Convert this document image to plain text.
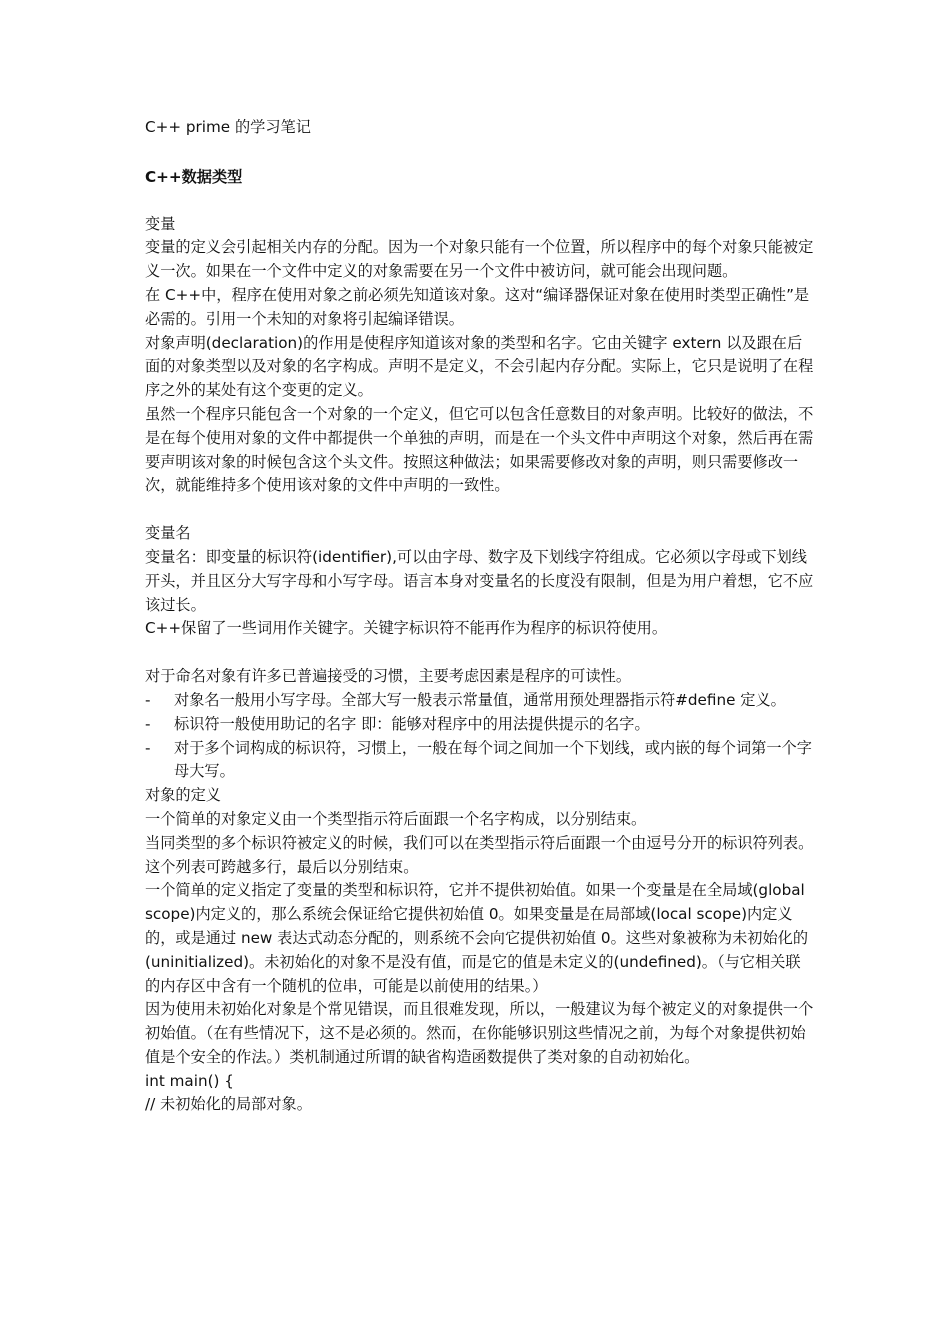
C++ prime 的学习笔记

C++数据类型

变量

变量的定义会引起相关内存的分配。因为一个对象只能有一个位置，所以程序中的每个对象只能被定义一次。如果在一个文件中定义的对象需要在另一个文件中被访问，就可能会出现问题。

在 C++中，程序在使用对象之前必须先知道该对象。这对“编译器保证对象在使用时类型正确性”是必需的。引用一个未知的对象将引起编译错误。

对象声明(declaration)的作用是使程序知道该对象的类型和名字。它由关键字 extern 以及跟在后面的对象类型以及对象的名字构成。声明不是定义，不会引起内存分配。实际上，它只是说明了在程序之外的某处有这个变更的定义。

虽然一个程序只能包含一个对象的一个定义，但它可以包含任意数目的对象声明。比较好的做法，不是在每个使用对象的文件中都提供一个单独的声明，而是在一个头文件中声明这个对象，然后再在需要声明该对象的时候包含这个头文件。按照这种做法；如果需要修改对象的声明，则只需要修改一次，就能维持多个使用该对象的文件中声明的一致性。

变量名

变量名：即变量的标识符(identifier),可以由字母、数字及下划线字符组成。它必须以字母或下划线开头，并且区分大写字母和小写字母。语言本身对变量名的长度没有限制，但是为用户着想，它不应该过长。

C++保留了一些词用作关键字。关键字标识符不能再作为程序的标识符使用。

对于命名对象有许多已普遍接受的习惯，主要考虑因素是程序的可读性。

- 对象名一般用小写字母。全部大写一般表示常量值，通常用预处理器指示符#define 定义。

- 标识符一般使用助记的名字 即：能够对程序中的用法提供提示的名字。

- 对于多个词构成的标识符，习惯上，一般在每个词之间加一个下划线，或内嵌的每个词第一个字母大写。

对象的定义

一个简单的对象定义由一个类型指示符后面跟一个名字构成，以分别结束。

当同类型的多个标识符被定义的时候，我们可以在类型指示符后面跟一个由逗号分开的标识符列表。这个列表可跨越多行，最后以分别结束。

一个简单的定义指定了变量的类型和标识符，它并不提供初始值。如果一个变量是在全局域(global scope)内定义的，那么系统会保证给它提供初始值 0。如果变量是在局部域(local scope)内定义的，或是通过 new 表达式动态分配的，则系统不会向它提供初始值 0。这些对象被称为未初始化的(uninitialized)。未初始化的对象不是没有值，而是它的值是未定义的(undefined)。（与它相关联的内存区中含有一个随机的位串，可能是以前使用的结果。）

因为使用未初始化对象是个常见错误，而且很难发现，所以，一般建议为每个被定义的对象提供一个初始值。（在有些情况下，这不是必须的。然而，在你能够识别这些情况之前，为每个对象提供初始值是个安全的作法。）类机制通过所谓的缺省构造函数提供了类对象的自动初始化。

int main() {

// 未初始化的局部对象。
